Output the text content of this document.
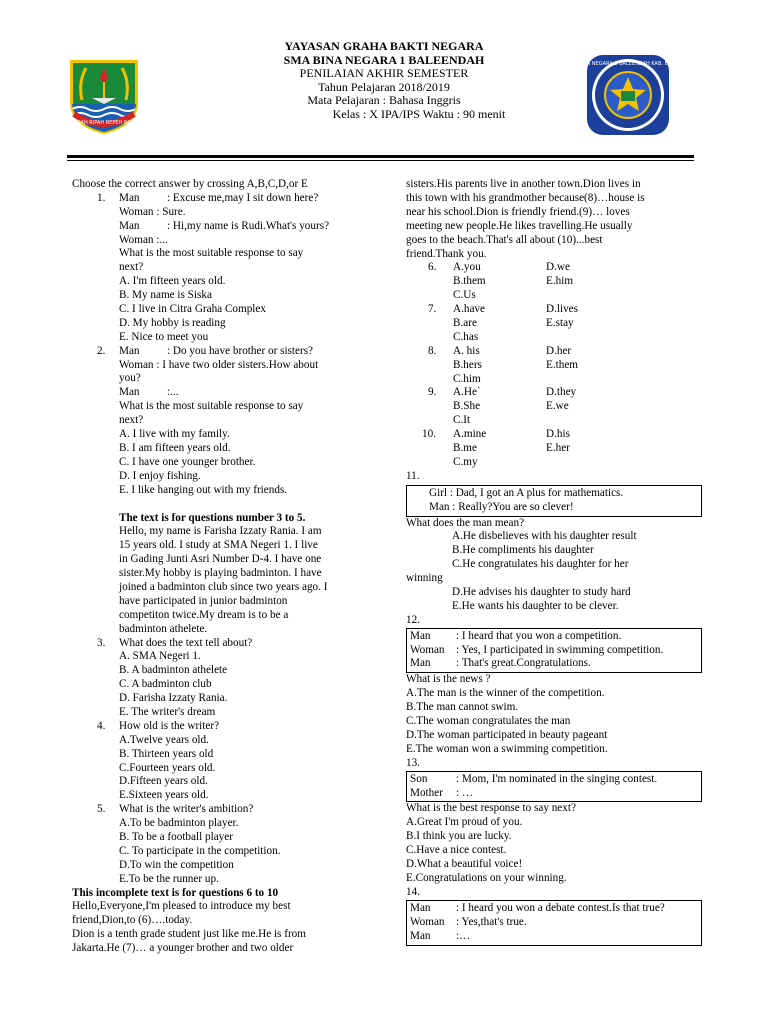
GEMAH RIPAH REPEH RAPIH
SMA BINA NEGARA 1 BALEENDAH KAB. BANDUNG
YAYASAN GRAHA BAKTI NEGARA
SMA BINA NEGARA 1 BALEENDAH
PENILAIAN AKHIR SEMESTER
Tahun Pelajaran 2018/2019
Mata Pelajaran : Bahasa Inggris
Kelas : X IPA/IPS Waktu : 90 menit
Choose the correct answer by crossing A,B,C,D,or E
1. Man : Excuse me,may I sit down here?
Woman : Sure.
Man : Hi,my name is Rudi.What's yours?
Woman :...
What is the most suitable response to say
next?
A. I'm fifteen years old.
B. My name is Siska
C. I live in Citra Graha Complex
D. My hobby is reading
E. Nice to meet you
2. Man : Do you have brother or sisters?
Woman : I have two older sisters.How about
you?
Man :...
What is the most suitable response to say
next?
A. I live with my family.
B. I am fifteen years old.
C. I have one younger brother.
D. I enjoy fishing.
E. I like hanging out with my friends.
The text is for questions number 3 to 5.
Hello, my name is Farisha Izzaty Rania. I am
15 years old. I study at SMA Negeri 1. I live
in Gading Junti Asri Number D-4. I have one
sister.My hobby is playing badminton. I have
joined a badminton club since two years ago. I
have participated in junior badminton
competiton twice.My dream is to be a
badminton athelete.
3. What does the text tell about?
A. SMA Negeri 1.
B. A badminton athelete
C. A badminton club
D. Farisha Izzaty Rania.
E. The writer's dream
4. How old is the writer?
A.Twelve years old.
B. Thirteen years old
C.Fourteen years old.
D.Fifteen years old.
E.Sixteen years old.
5. What is the writer's ambition?
A.To be badminton player.
B. To be a football player
C. To participate in the competition.
D.To win the competition
E.To be the runner up.
This incomplete text is for questions 6 to 10
Hello,Everyone,I'm pleased to introduce my best
friend,Dion,to (6)….today.
Dion is a tenth grade student just like me.He is from
Jakarta.He (7)… a younger brother and two older
sisters.His parents live in another town.Dion lives in
this town with his grandmother because(8)…house is
near his school.Dion is friendly friend.(9)… loves
meeting new people.He likes travelling.He usually
goes to the beach.That's all about (10)...best
friend.Thank you.
6. A.you	D.we
B.them	E.him
C.Us
7. A.have	D.lives
B.are	E.stay
C.has
8. A. his	D.her
B.hers	E.them
C.him
9. A.He`	D.they
B.She	E.we
C.It
10. A.mine	D.his
B.me	E.her
C.my
11.
Girl : Dad, I got an A plus for mathematics.
Man : Really?You are so clever!
What does the man mean?
A.He disbelieves with his daughter result
B.He compliments his daughter
C.He congratulates his daughter for her
winning
D.He advises his daughter to study hard
E.He wants his daughter to be clever.
12.
Man : I heard that you won a competition.
Woman : Yes, I participated in swimming competition.
Man : That's great.Congratulations.
What is the news ?
A.The man is the winner of the competition.
B.The man cannot swim.
C.The woman congratulates the man
D.The woman participated in beauty pageant
E.The woman won a swimming competition.
13.
Son	: Mom, I'm nominated in the singing contest.
Mother : …
What is the best response to say next?
A.Great I'm proud of you.
B.I think you are lucky.
C.Have a nice contest.
D.What a beautiful voice!
E.Congratulations on your winning.
14.
Man : I heard you won a debate contest.Is that true?
Woman : Yes,that's true.
Man :…
